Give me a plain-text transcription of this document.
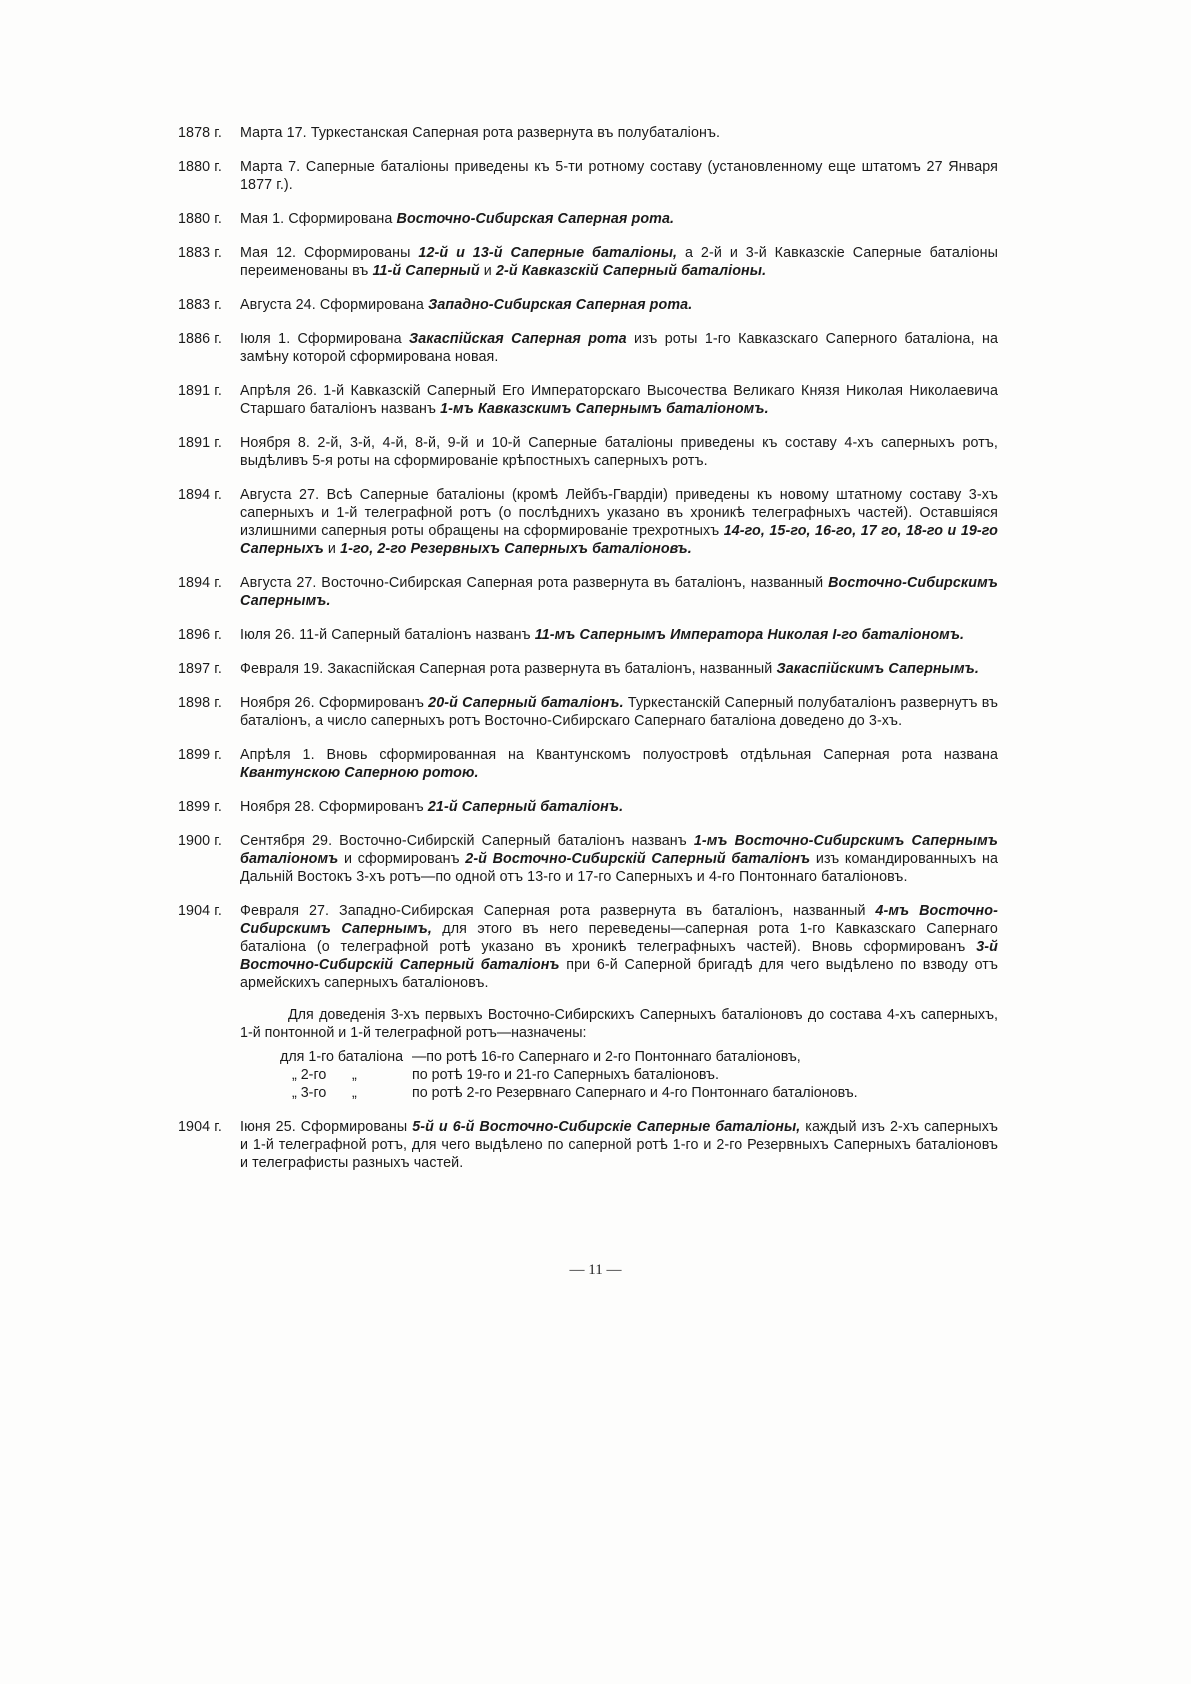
1878 г.	Марта 17. Туркестанская Саперная рота развернута въ полубаталіонъ.
1880 г.	Марта 7. Саперные баталіоны приведены къ 5-ти ротному составу (установленному еще штатомъ 27 Января 1877 г.).
1880 г.	Мая 1. Сформирована Восточно-Сибирская Саперная рота.
1883 г.	Мая 12. Сформированы 12-й и 13-й Саперные баталіоны, а 2-й и 3-й Кавказскіе Саперные баталіоны переименованы въ 11-й Саперный и 2-й Кавказскій Саперный баталіоны.
1883 г.	Августа 24. Сформирована Западно-Сибирская Саперная рота.
1886 г.	Іюля 1. Сформирована Закаспійская Саперная рота изъ роты 1-го Кавказскаго Саперного баталіона, на замѣну которой сформирована новая.
1891 г.	Апрѣля 26. 1-й Кавказскій Саперный Его Императорскаго Высочества Великаго Князя Николая Николаевича Старшаго баталіонъ названъ 1-мъ Кавказскимъ Сапернымъ баталіономъ.
1891 г.	Ноября 8. 2-й, 3-й, 4-й, 8-й, 9-й и 10-й Саперные баталіоны приведены къ составу 4-хъ саперныхъ ротъ, выдѣливъ 5-я роты на сформированіе крѣпостныхъ саперныхъ ротъ.
1894 г.	Августа 27. Всѣ Саперные баталіоны (кромѣ Лейбъ-Гвардіи) приведены къ новому штатному составу 3-хъ саперныхъ и 1-й телеграфной ротъ (о послѣднихъ указано въ хроникѣ телеграфныхъ частей). Оставшіяся излишними саперныя роты обращены на сформированіе трехротныхъ 14-го, 15-го, 16-го, 17 го, 18-го и 19-го Саперныхъ и 1-го, 2-го Резервныхъ Саперныхъ баталіоновъ.
1894 г.	Августа 27. Восточно-Сибирская Саперная рота развернута въ баталіонъ, названный Восточно-Сибирскимъ Сапернымъ.
1896 г.	Іюля 26. 11-й Саперный баталіонъ названъ 11-мъ Сапернымъ Императора Николая I-го баталіономъ.
1897 г.	Февраля 19. Закаспійская Саперная рота развернута въ баталіонъ, названный Закаспійскимъ Сапернымъ.
1898 г.	Ноября 26. Сформированъ 20-й Саперный баталіонъ. Туркестанскій Саперный полубаталіонъ развернутъ въ баталіонъ, а число саперныхъ ротъ Восточно-Сибирскаго Сапернаго баталіона доведено до 3-хъ.
1899 г.	Апрѣля 1. Вновь сформированная на Квантунскомъ полуостровѣ отдѣльная Саперная рота названа Квантунскою Саперною ротою.
1899 г.	Ноября 28. Сформированъ 21-й Саперный баталіонъ.
1900 г.	Сентября 29. Восточно-Сибирскій Саперный баталіонъ названъ 1-мъ Восточно-Сибирскимъ Сапернымъ баталіономъ и сформированъ 2-й Восточно-Сибирскій Саперный баталіонъ изъ командированныхъ на Дальній Востокъ 3-хъ ротъ—по одной отъ 13-го и 17-го Саперныхъ и 4-го Понтоннаго баталіоновъ.
1904 г.	Февраля 27. Западно-Сибирская Саперная рота развернута въ баталіонъ, названный 4-мъ Восточно-Сибирскимъ Сапернымъ, для этого въ него переведены—саперная рота 1-го Кавказскаго Сапернаго баталіона (о телеграфной ротѣ указано въ хроникѣ телеграфныхъ частей). Вновь сформированъ 3-й Восточно-Сибирскій Саперный баталіонъ при 6-й Саперной бригадѣ для чего выдѣлено по взводу отъ армейскихъ саперныхъ баталіоновъ.
Для доведенія 3-хъ первыхъ Восточно-Сибирскихъ Саперныхъ баталіоновъ до состава 4-хъ саперныхъ, 1-й понтонной и 1-й телеграфной ротъ—назначены:
для 1-го баталіона —по ротѣ 16-го Сапернаго и 2-го Понтоннаго баталіоновъ,
„ 2-го	„	по ротѣ 19-го и 21-го Саперныхъ баталіоновъ.
„ 3-го	„	по ротѣ 2-го Резервнаго Сапернаго и 4-го Понтоннаго баталіоновъ.
1904 г.	Іюня 25. Сформированы 5-й и 6-й Восточно-Сибирскіе Саперные баталіоны, каждый изъ 2-хъ саперныхъ и 1-й телеграфной ротъ, для чего выдѣлено по саперной ротѣ 1-го и 2-го Резервныхъ Саперныхъ баталіоновъ и телеграфисты разныхъ частей.
— 11 —
